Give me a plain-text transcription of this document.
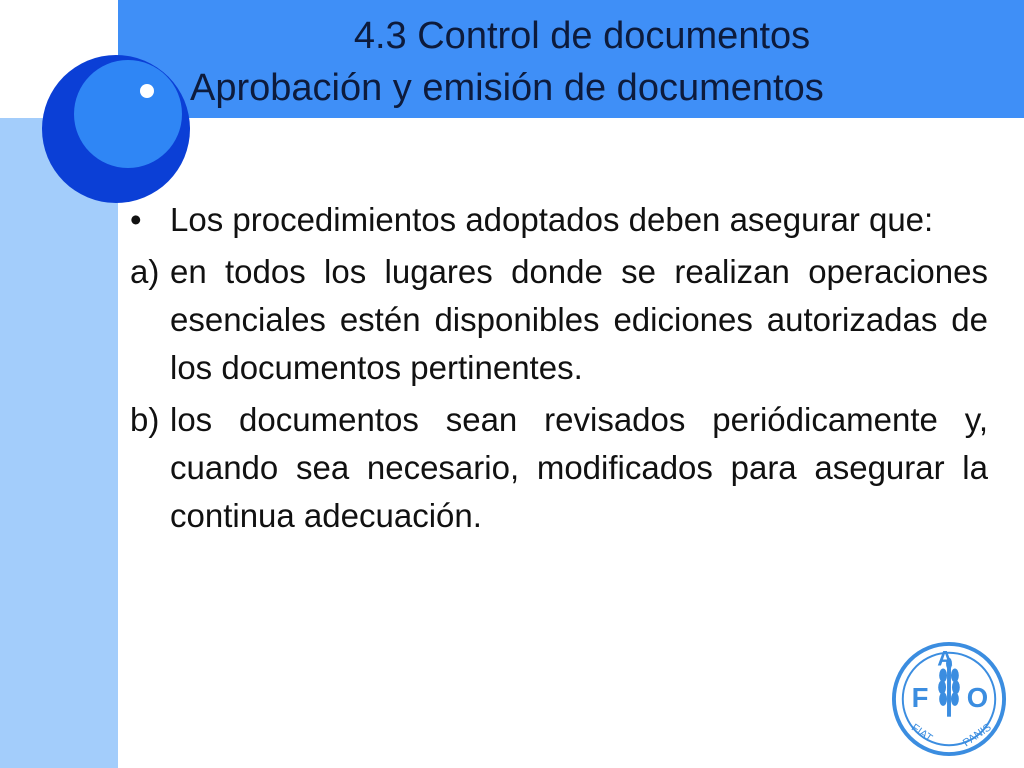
4.3 Control de documentos
Aprobación y emisión de documentos
• Los procedimientos adoptados deben asegurar que:
a) en todos los lugares donde se realizan operaciones esenciales estén disponibles ediciones autorizadas de los documentos pertinentes.
b) los documentos sean revisados periódicamente y, cuando sea necesario, modificados para asegurar la continua adecuación.
F
A
O
FIAT PANIS
